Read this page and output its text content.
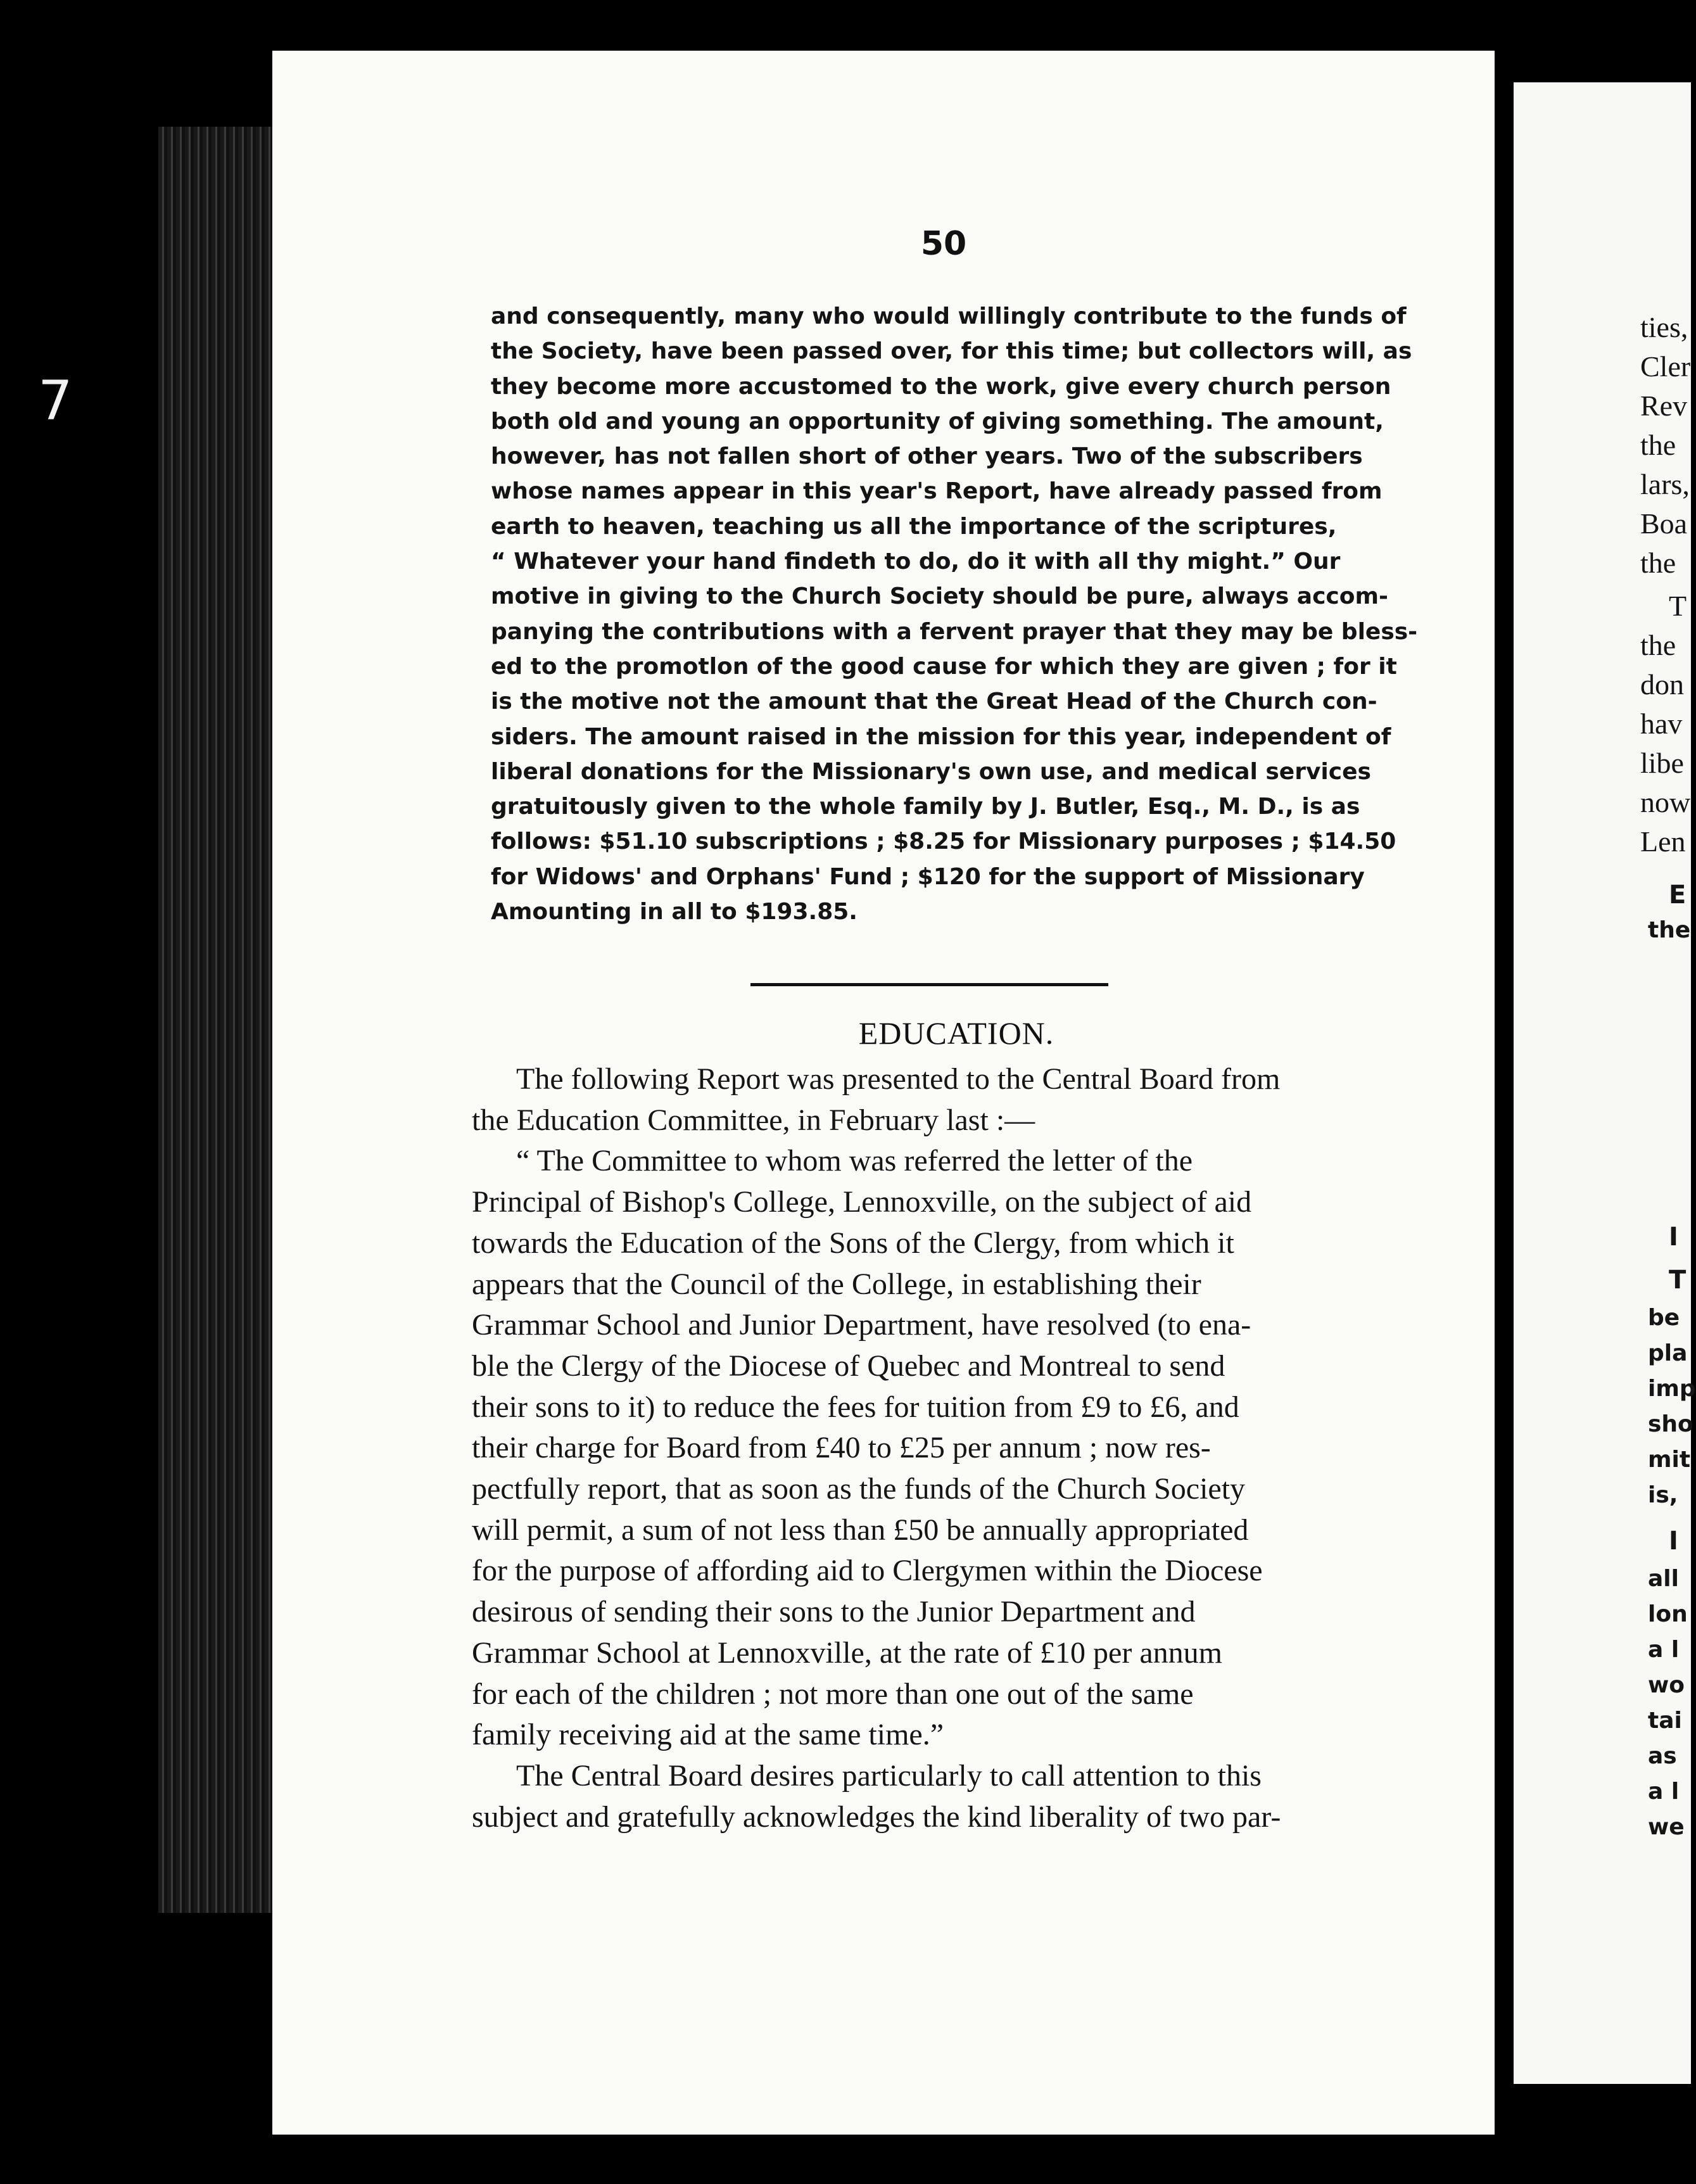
7
50
and consequently, many who would willingly contribute to the funds of
the Society, have been passed over, for this time; but collectors will, as
they become more accustomed to the work, give every church person
both old and young an opportunity of giving something. The amount,
however, has not fallen short of other years. Two of the subscribers
whose names appear in this year's Report, have already passed from
earth to heaven, teaching us all the importance of the scriptures,
“ Whatever your hand findeth to do, do it with all thy might.” Our
motive in giving to the Church Society should be pure, always accom-
panying the contributions with a fervent prayer that they may be bless-
ed to the promotlon of the good cause for which they are given ; for it
is the motive not the amount that the Great Head of the Church con-
siders. The amount raised in the mission for this year, independent of
liberal donations for the Missionary's own use, and medical services
gratuitously given to the whole family by J. Butler, Esq., M. D., is as
follows: $51.10 subscriptions ; $8.25 for Missionary purposes ; $14.50
for Widows' and Orphans' Fund ; $120 for the support of Missionary
Amounting in all to $193.85.
EDUCATION.
The following Report was presented to the Central Board from
the Education Committee, in February last :—
“ The Committee to whom was referred the letter of the
Principal of Bishop's College, Lennoxville, on the subject of aid
towards the Education of the Sons of the Clergy, from which it
appears that the Council of the College, in establishing their
Grammar School and Junior Department, have resolved (to ena-
ble the Clergy of the Diocese of Quebec and Montreal to send
their sons to it) to reduce the fees for tuition from £9 to £6, and
their charge for Board from £40 to £25 per annum ; now res-
pectfully report, that as soon as the funds of the Church Society
will permit, a sum of not less than £50 be annually appropriated
for the purpose of affording aid to Clergymen within the Diocese
desirous of sending their sons to the Junior Department and
Grammar School at Lennoxville, at the rate of £10 per annum
for each of the children ; not more than one out of the same
family receiving aid at the same time.”
The Central Board desires particularly to call attention to this
subject and gratefully acknowledges the kind liberality of two par-
ties,
Cler
Rev
the
lars,
Boa
the
T
the
don
hav
libe
now
Len
E
the
I
T
be
pla
imp
sho
mit
is,
I
all
lon
a l
wo
tai
as
a l
we
